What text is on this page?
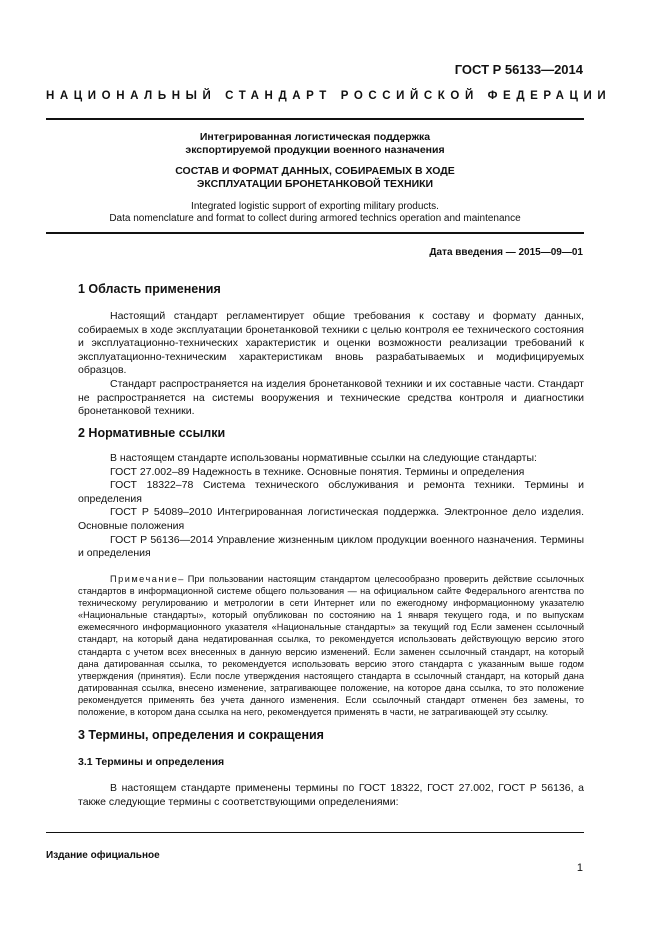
ГОСТ Р 56133—2014
НАЦИОНАЛЬНЫЙ СТАНДАРТ РОССИЙСКОЙ ФЕДЕРАЦИИ
Интегрированная логистическая поддержка
экспортируемой продукции военного назначения
СОСТАВ И ФОРМАТ ДАННЫХ, СОБИРАЕМЫХ В ХОДЕ
ЭКСПЛУАТАЦИИ БРОНЕТАНКОВОЙ ТЕХНИКИ
Integrated logistic support of exporting military products.
Data nomenclature and format to collect during armored technics operation and maintenance
Дата введения — 2015—09—01
1 Область применения

Настоящий стандарт регламентирует общие требования к составу и формату данных, собираемых в ходе эксплуатации бронетанковой техники с целью контроля ее технического состояния и эксплуатационно-технических характеристик и оценки возможности реализации требований к эксплуатационно-техническим характеристикам вновь разрабатываемых и модифицируемых образцов.

Стандарт распространяется на изделия бронетанковой техники и их составные части. Стандарт не распространяется на системы вооружения и технические средства контроля и диагностики бронетанковой техники.

2 Нормативные ссылки

В настоящем стандарте использованы нормативные ссылки на следующие стандарты:

ГОСТ 27.002–89 Надежность в технике. Основные понятия. Термины и определения

ГОСТ 18322–78 Система технического обслуживания и ремонта техники. Термины и определения

ГОСТ Р 54089–2010 Интегрированная логистическая поддержка. Электронное дело изделия. Основные положения

ГОСТ Р 56136—2014 Управление жизненным циклом продукции военного назначения. Термины и определения

Примечание– При пользовании настоящим стандартом целесообразно проверить действие ссылочных стандартов в информационной системе общего пользования — на официальном сайте Федерального агентства по техническому регулированию и метрологии в сети Интернет или по ежегодному информационному указателю «Национальные стандарты», который опубликован по состоянию на 1 января текущего года, и по выпускам ежемесячного информационного указателя «Национальные стандарты» за текущий год Если заменен ссылочный стандарт, на который дана недатированная ссылка, то рекомендуется использовать действующую версию этого стандарта с учетом всех внесенных в данную версию изменений. Если заменен ссылочный стандарт, на который дана датированная ссылка, то рекомендуется использовать версию этого стандарта с указанным выше годом утверждения (принятия). Если после утверждения настоящего стандарта в ссылочный стандарт, на который дана датированная ссылка, внесено изменение, затрагивающее положение, на которое дана ссылка, то это положение рекомендуется применять без учета данного изменения. Если ссылочный стандарт отменен без замены, то положение, в котором дана ссылка на него, рекомендуется применять в части, не затрагивающей эту ссылку.

3 Термины, определения и сокращения
3.1 Термины и определения

В настоящем стандарте применены термины по ГОСТ 18322, ГОСТ 27.002, ГОСТ Р 56136, а также следующие термины с соответствующими определениями:

Издание официальное
1
